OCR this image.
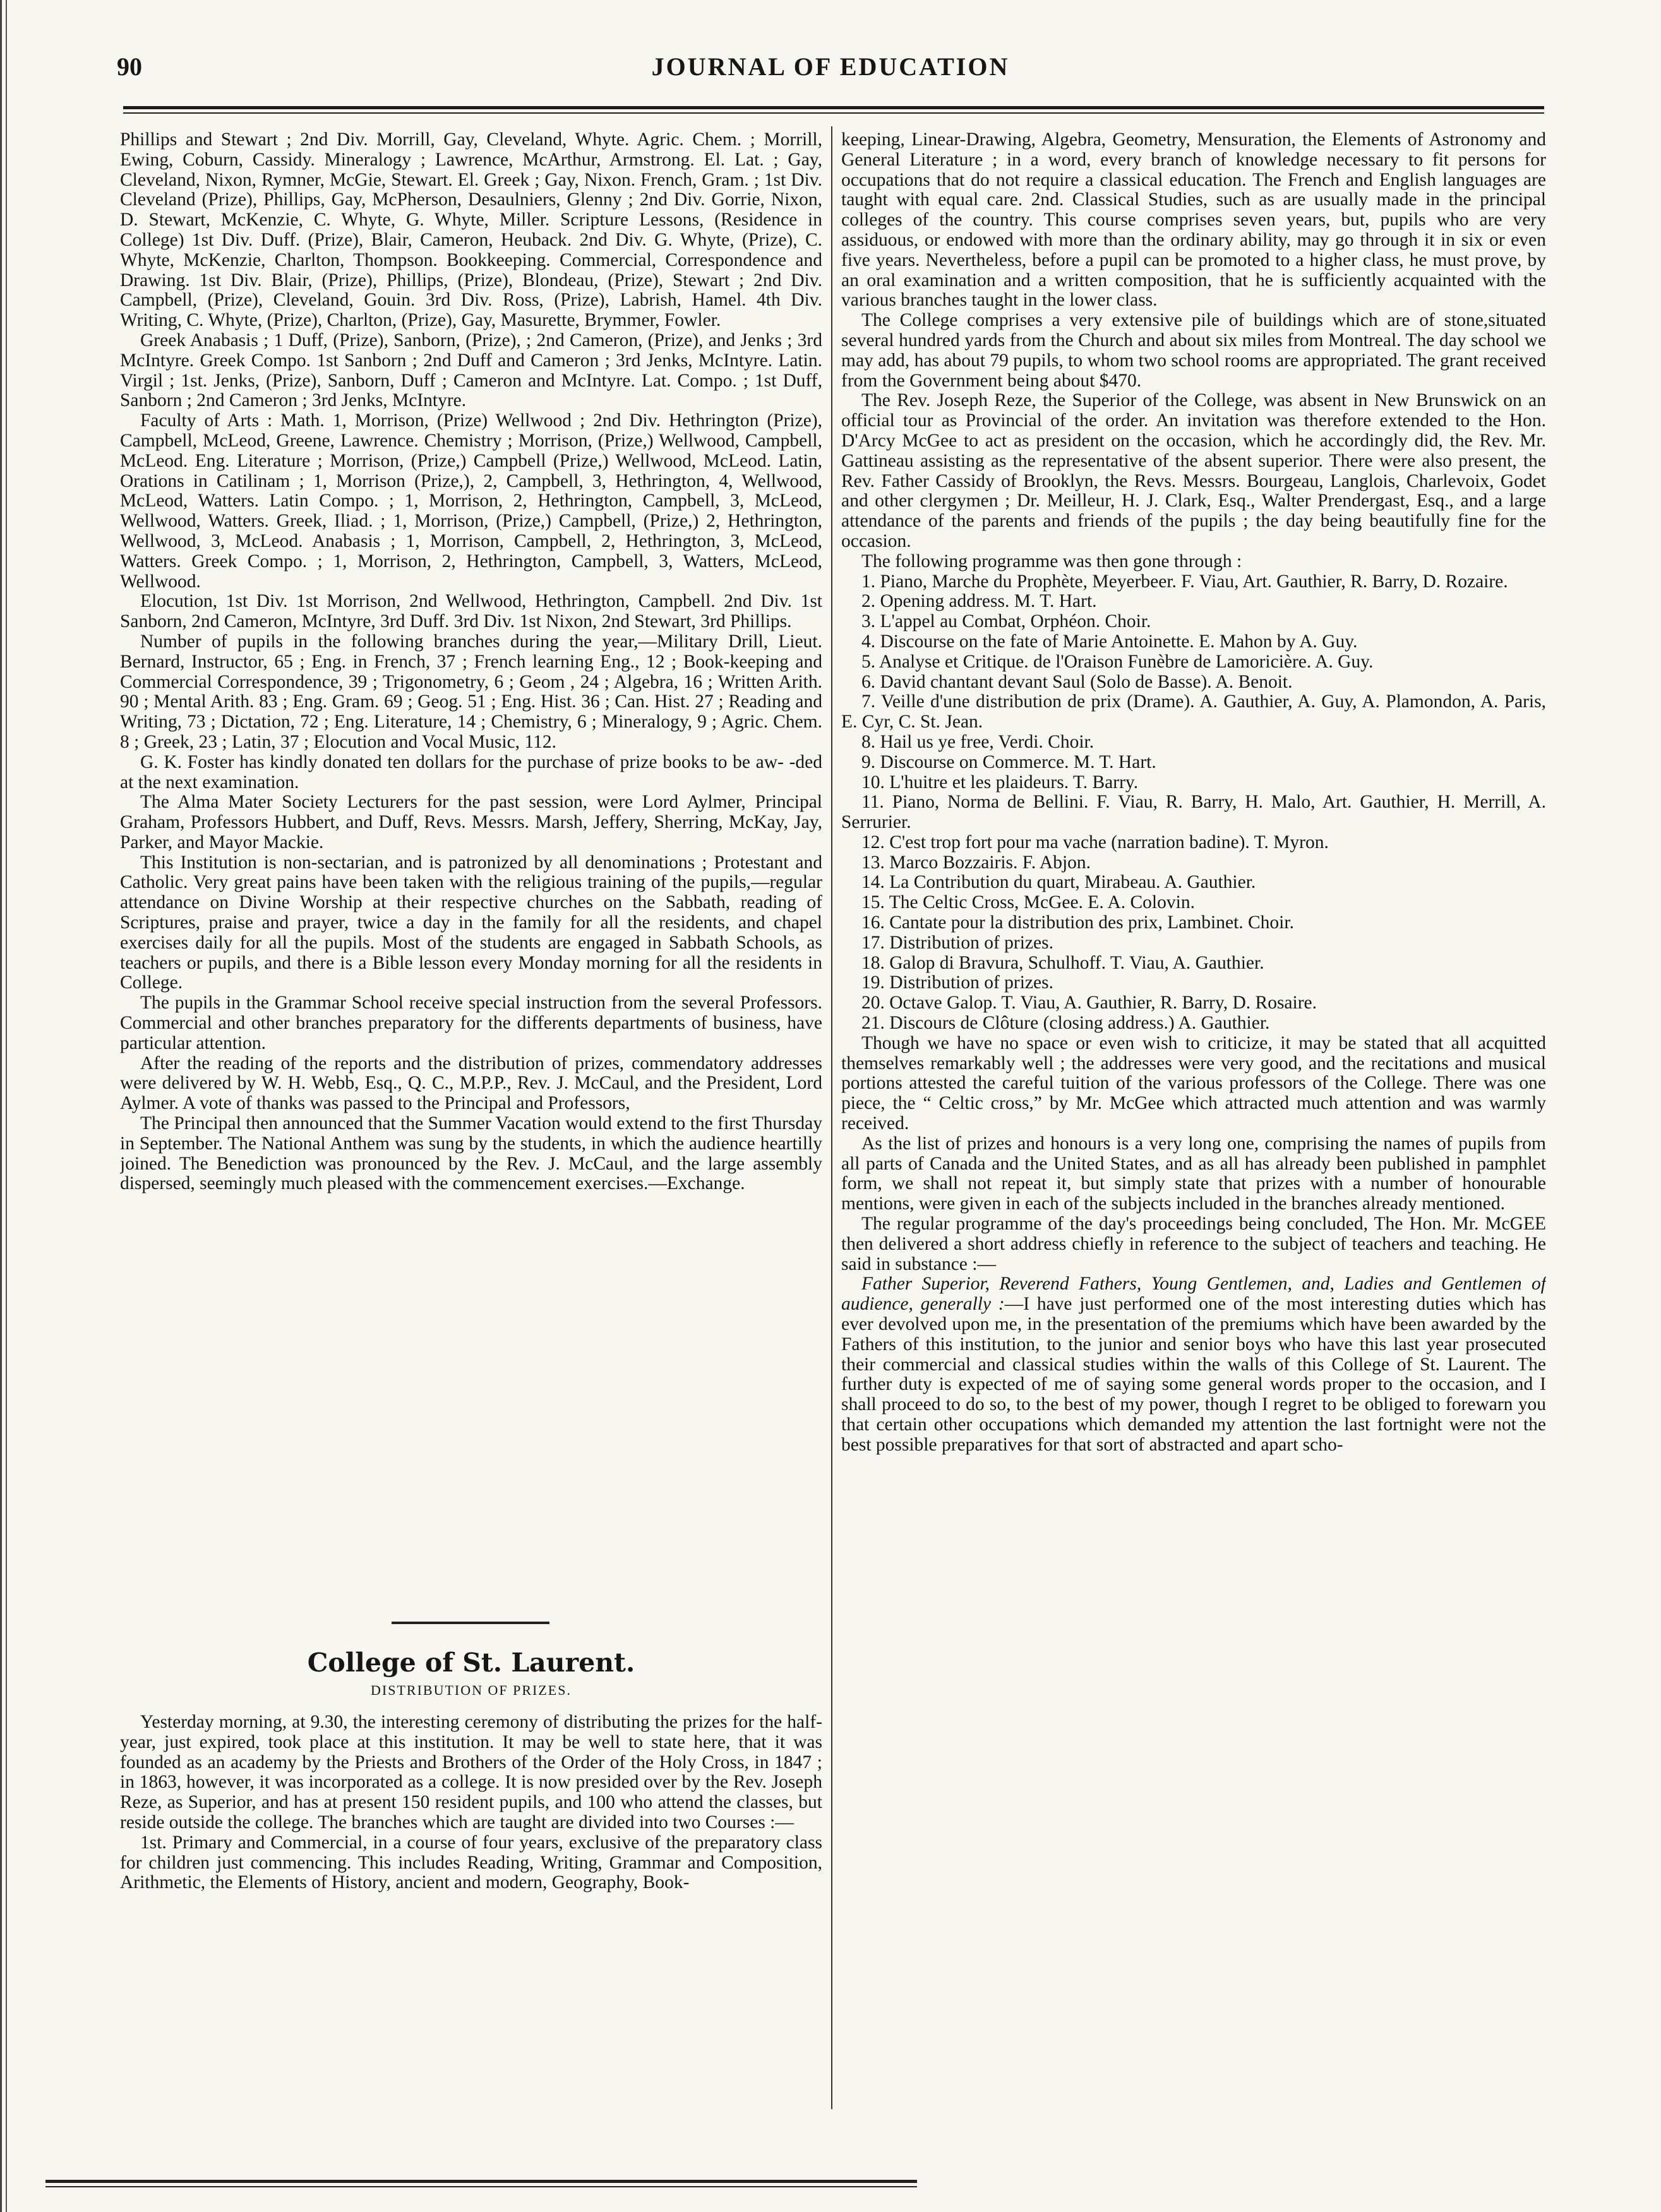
90	JOURNAL OF EDUCATION

Phillips and Stewart ; 2nd Div. Morrill, Gay, Cleveland, Whyte. Agric. Chem. ; Morrill, Ewing, Coburn, Cassidy. Mineralogy ; Lawrence, McArthur, Armstrong. El. Lat. ; Gay, Cleveland, Nixon, Rymner, McGie, Stewart. El. Greek ; Gay, Nixon. French, Gram. ; 1st Div. Cleveland (Prize), Phillips, Gay, McPherson, Desaulniers, Glenny ; 2nd Div. Gorrie, Nixon, D. Stewart, McKenzie, C. Whyte, G. Whyte, Miller. Scripture Lessons, (Residence in College) 1st Div. Duff. (Prize), Blair, Cameron, Heuback. 2nd Div. G. Whyte, (Prize), C. Whyte, McKenzie, Charlton, Thompson. Bookkeeping. Commercial, Correspondence and Drawing. 1st Div. Blair, (Prize), Phillips, (Prize), Blondeau, (Prize), Stewart ; 2nd Div. Campbell, (Prize), Cleveland, Gouin. 3rd Div. Ross, (Prize), Labrish, Hamel. 4th Div. Writing, C. Whyte, (Prize), Charlton, (Prize), Gay, Masurette, Brymmer, Fowler.

Greek Anabasis ; 1 Duff, (Prize), Sanborn, (Prize), ; 2nd Cameron, (Prize), and Jenks ; 3rd McIntyre. Greek Compo. 1st Sanborn ; 2nd Duff and Cameron ; 3rd Jenks, McIntyre. Latin. Virgil ; 1st. Jenks, (Prize), Sanborn, Duff ; Cameron and McIntyre. Lat. Compo. ; 1st Duff, Sanborn ; 2nd Cameron ; 3rd Jenks, McIntyre.

Faculty of Arts : Math. 1, Morrison, (Prize) Wellwood ; 2nd Div. Hethrington (Prize), Campbell, McLeod, Greene, Lawrence. Chemistry ; Morrison, (Prize,) Wellwood, Campbell, McLeod. Eng. Literature ; Morrison, (Prize,) Campbell (Prize,) Wellwood, McLeod. Latin, Orations in Catilinam ; 1, Morrison (Prize,), 2, Campbell, 3, Hethrington, 4, Wellwood, McLeod, Watters. Latin Compo. ; 1, Morrison, 2, Hethrington, Campbell, 3, McLeod, Wellwood, Watters. Greek, Iliad. ; 1, Morrison, (Prize,) Campbell, (Prize,) 2, Hethrington, Wellwood, 3, McLeod. Anabasis ; 1, Morrison, Campbell, 2, Hethrington, 3, McLeod, Watters. Greek Compo. ; 1, Morrison, 2, Hethrington, Campbell, 3, Watters, McLeod, Wellwood.

Elocution, 1st Div. 1st Morrison, 2nd Wellwood, Hethrington, Campbell. 2nd Div. 1st Sanborn, 2nd Cameron, McIntyre, 3rd Duff. 3rd Div. 1st Nixon, 2nd Stewart, 3rd Phillips.

Number of pupils in the following branches during the year,—Military Drill, Lieut. Bernard, Instructor, 65 ; Eng. in French, 37 ; French learning Eng., 12 ; Book-keeping and Commercial Correspondence, 39 ; Trigonometry, 6 ; Geom , 24 ; Algebra, 16 ; Written Arith. 90 ; Mental Arith. 83 ; Eng. Gram. 69 ; Geog. 51 ; Eng. Hist. 36 ; Can. Hist. 27 ; Reading and Writing, 73 ; Dictation, 72 ; Eng. Literature, 14 ; Chemistry, 6 ; Mineralogy, 9 ; Agric. Chem. 8 ; Greek, 23 ; Latin, 37 ; Elocution and Vocal Music, 112.

G. K. Foster has kindly donated ten dollars for the purchase of prize books to be aw- -ded at the next examination.

The Alma Mater Society Lecturers for the past session, were Lord Aylmer, Principal Graham, Professors Hubbert, and Duff, Revs. Messrs. Marsh, Jeffery, Sherring, McKay, Jay, Parker, and Mayor Mackie.

This Institution is non-sectarian, and is patronized by all denominations ; Protestant and Catholic. Very great pains have been taken with the religious training of the pupils,—regular attendance on Divine Worship at their respective churches on the Sabbath, reading of Scriptures, praise and prayer, twice a day in the family for all the residents, and chapel exercises daily for all the pupils. Most of the students are engaged in Sabbath Schools, as teachers or pupils, and there is a Bible lesson every Monday morning for all the residents in College.

The pupils in the Grammar School receive special instruction from the several Professors. Commercial and other branches preparatory for the differents departments of business, have particular attention.

After the reading of the reports and the distribution of prizes, commendatory addresses were delivered by W. H. Webb, Esq., Q. C., M.P.P., Rev. J. McCaul, and the President, Lord Aylmer. A vote of thanks was passed to the Principal and Professors,

The Principal then announced that the Summer Vacation would extend to the first Thursday in September. The National Anthem was sung by the students, in which the audience heartilly joined. The Benediction was pronounced by the Rev. J. McCaul, and the large assembly dispersed, seemingly much pleased with the commencement exercises.—Exchange.

College of St. Laurent.
DISTRIBUTION OF PRIZES.

Yesterday morning, at 9.30, the interesting ceremony of distributing the prizes for the half-year, just expired, took place at this institution. It may be well to state here, that it was founded as an academy by the Priests and Brothers of the Order of the Holy Cross, in 1847 ; in 1863, however, it was incorporated as a college. It is now presided over by the Rev. Joseph Reze, as Superior, and has at present 150 resident pupils, and 100 who attend the classes, but reside outside the college. The branches which are taught are divided into two Courses :—

1st. Primary and Commercial, in a course of four years, exclusive of the preparatory class for children just commencing. This includes Reading, Writing, Grammar and Composition, Arithmetic, the Elements of History, ancient and modern, Geography, Book-

keeping, Linear-Drawing, Algebra, Geometry, Mensuration, the Elements of Astronomy and General Literature ; in a word, every branch of knowledge necessary to fit persons for occupations that do not require a classical education. The French and English languages are taught with equal care. 2nd. Classical Studies, such as are usually made in the principal colleges of the country. This course comprises seven years, but, pupils who are very assiduous, or endowed with more than the ordinary ability, may go through it in six or even five years. Nevertheless, before a pupil can be promoted to a higher class, he must prove, by an oral examination and a written composition, that he is sufficiently acquainted with the various branches taught in the lower class.

The College comprises a very extensive pile of buildings which are of stone,situated several hundred yards from the Church and about six miles from Montreal. The day school we may add, has about 79 pupils, to whom two school rooms are appropriated. The grant received from the Government being about $470.

The Rev. Joseph Reze, the Superior of the College, was absent in New Brunswick on an official tour as Provincial of the order. An invitation was therefore extended to the Hon. D'Arcy McGee to act as president on the occasion, which he accordingly did, the Rev. Mr. Gattineau assisting as the representative of the absent superior. There were also present, the Rev. Father Cassidy of Brooklyn, the Revs. Messrs. Bourgeau, Langlois, Charlevoix, Godet and other clergymen ; Dr. Meilleur, H. J. Clark, Esq., Walter Prendergast, Esq., and a large attendance of the parents and friends of the pupils ; the day being beautifully fine for the occasion.

The following programme was then gone through :

1. Piano, Marche du Prophète, Meyerbeer. F. Viau, Art. Gauthier, R. Barry, D. Rozaire.
2. Opening address. M. T. Hart.
3. L'appel au Combat, Orphéon. Choir.
4. Discourse on the fate of Marie Antoinette. E. Mahon by A. Guy.
5. Analyse et Critique. de l'Oraison Funèbre de Lamoricière. A. Guy.
6. David chantant devant Saul (Solo de Basse). A. Benoit.
7. Veille d'une distribution de prix (Drame). A. Gauthier, A. Guy, A. Plamondon, A. Paris, E. Cyr, C. St. Jean.
8. Hail us ye free, Verdi. Choir.
9. Discourse on Commerce. M. T. Hart.
10. L'huitre et les plaideurs. T. Barry.
11. Piano, Norma de Bellini. F. Viau, R. Barry, H. Malo, Art. Gauthier, H. Merrill, A. Serrurier.
12. C'est trop fort pour ma vache (narration badine). T. Myron.
13. Marco Bozzairis. F. Abjon.
14. La Contribution du quart, Mirabeau. A. Gauthier.
15. The Celtic Cross, McGee. E. A. Colovin.
16. Cantate pour la distribution des prix, Lambinet. Choir.
17. Distribution of prizes.
18. Galop di Bravura, Schulhoff. T. Viau, A. Gauthier.
19. Distribution of prizes.
20. Octave Galop. T. Viau, A. Gauthier, R. Barry, D. Rosaire.
21. Discours de Clôture (closing address.) A. Gauthier.

Though we have no space or even wish to criticize, it may be stated that all acquitted themselves remarkably well ; the addresses were very good, and the recitations and musical portions attested the careful tuition of the various professors of the College. There was one piece, the “ Celtic cross,” by Mr. McGee which attracted much attention and was warmly received.

As the list of prizes and honours is a very long one, comprising the names of pupils from all parts of Canada and the United States, and as all has already been published in pamphlet form, we shall not repeat it, but simply state that prizes with a number of honourable mentions, were given in each of the subjects included in the branches already mentioned.

The regular programme of the day's proceedings being concluded, The Hon. Mr. McGEE then delivered a short address chiefly in reference to the subject of teachers and teaching. He said in substance :—

Father Superior, Reverend Fathers, Young Gentlemen, and, Ladies and Gentlemen of audience, generally :—I have just performed one of the most interesting duties which has ever devolved upon me, in the presentation of the premiums which have been awarded by the Fathers of this institution, to the junior and senior boys who have this last year prosecuted their commercial and classical studies within the walls of this College of St. Laurent. The further duty is expected of me of saying some general words proper to the occasion, and I shall proceed to do so, to the best of my power, though I regret to be obliged to forewarn you that certain other occupations which demanded my attention the last fortnight were not the best possible preparatives for that sort of abstracted and apart scho-
